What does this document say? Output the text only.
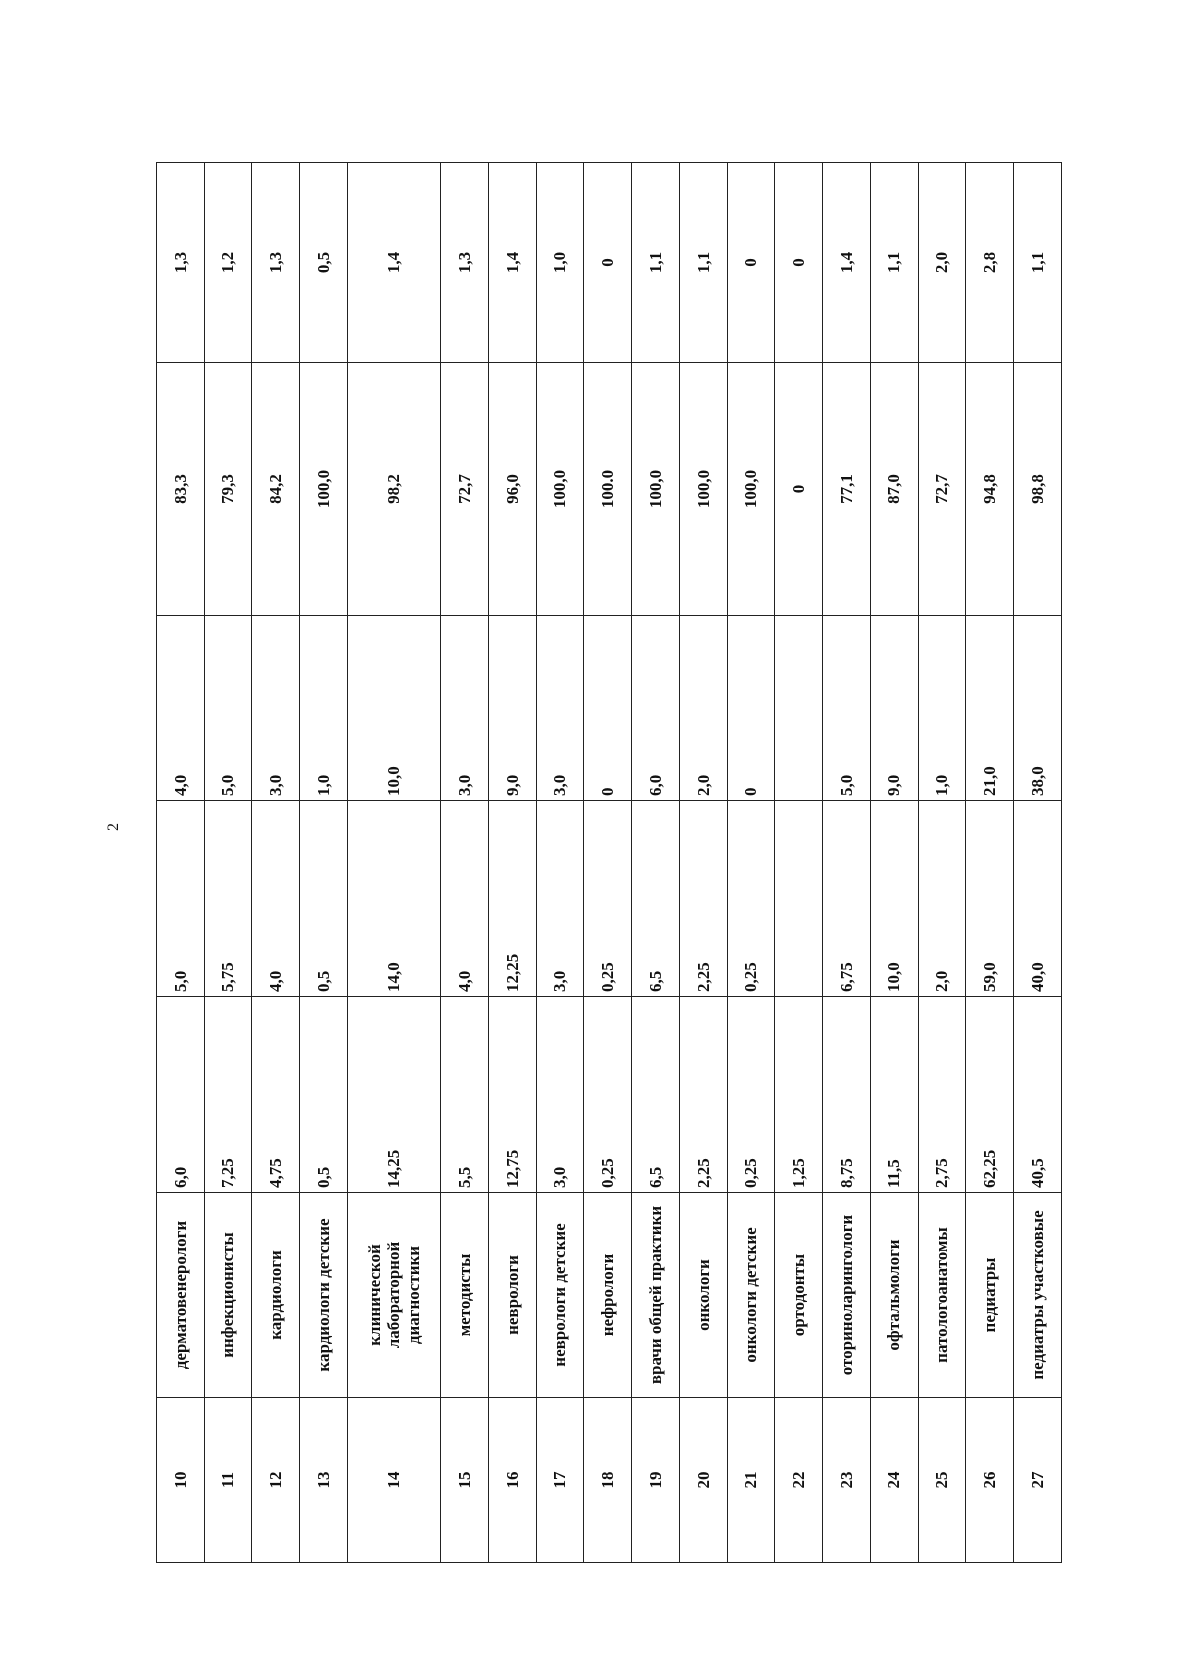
2
10	дерматовенерологи	6,0	5,0	4,0	83,3	1,3
11	инфекционисты	7,25	5,75	5,0	79,3	1,2
12	кардиологи	4,75	4,0	3,0	84,2	1,3
13	кардиологи детские	0,5	0,5	1,0	100,0	0,5
14	клинической лабораторной диагностики	14,25	14,0	10,0	98,2	1,4
15	методисты	5,5	4,0	3,0	72,7	1,3
16	неврологи	12,75	12,25	9,0	96,0	1,4
17	неврологи детские	3,0	3,0	3,0	100,0	1,0
18	нефрологи	0,25	0,25	0	100.0	0
19	врачи общей практики	6,5	6,5	6,0	100,0	1,1
20	онкологи	2,25	2,25	2,0	100,0	1,1
21	онкологи детские	0,25	0,25	0	100,0	0
22	ортодонты	1,25			0	0
23	оториноларингологи	8,75	6,75	5,0	77,1	1,4
24	офтальмологи	11,5	10,0	9,0	87,0	1,1
25	патологоанатомы	2,75	2,0	1,0	72,7	2,0
26	педиатры	62,25	59,0	21,0	94,8	2,8
27	педиатры участковые	40,5	40,0	38,0	98,8	1,1
